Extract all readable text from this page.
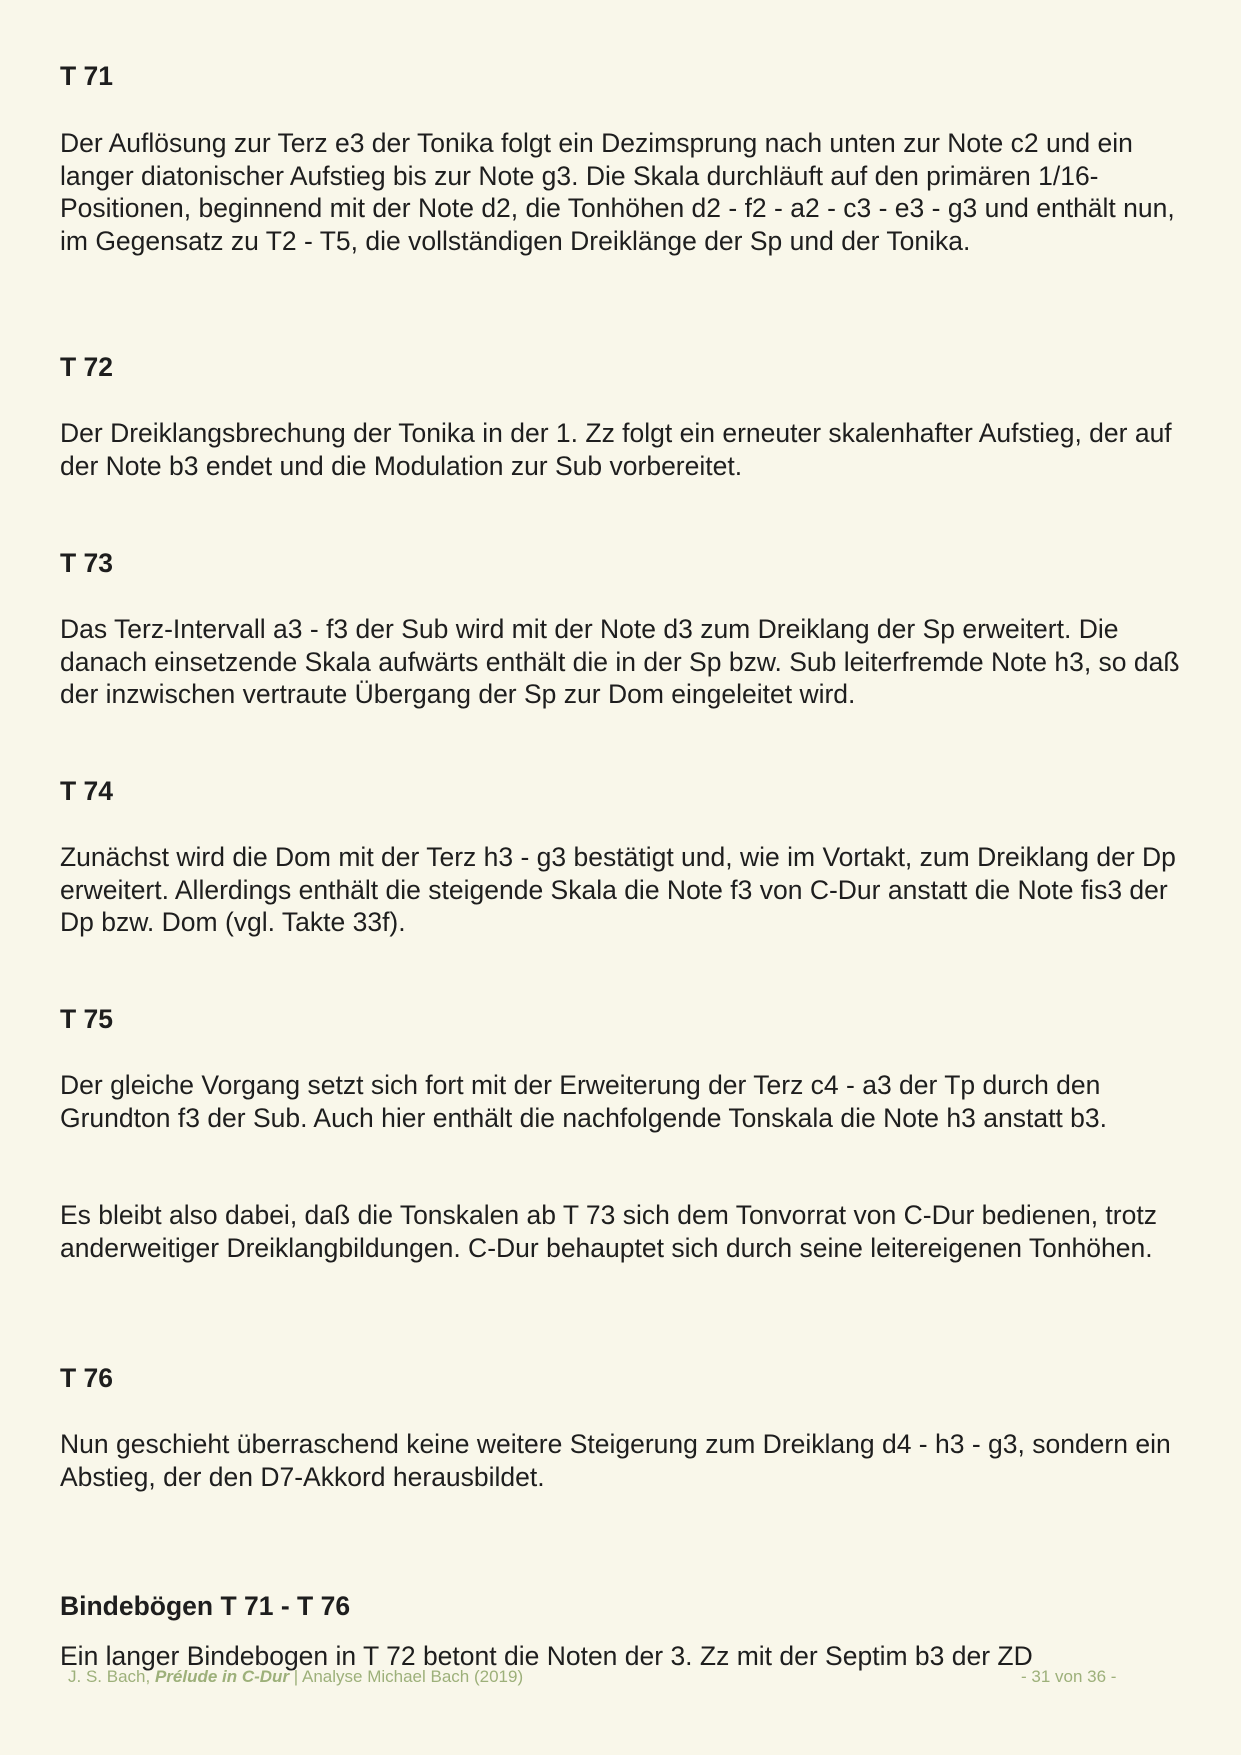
T 71

Der Auflösung zur Terz e3 der Tonika folgt ein Dezimsprung nach unten zur Note c2 und ein langer diatonischer Aufstieg bis zur Note g3. Die Skala durchläuft auf den primären 1/16-Positionen, beginnend mit der Note d2, die Tonhöhen d2 - f2 - a2 - c3 - e3 - g3 und enthält nun, im Gegensatz zu T2 - T5, die vollständigen Dreiklänge der Sp und der Tonika.

T 72

Der Dreiklangsbrechung der Tonika in der 1. Zz folgt ein erneuter skalenhafter Aufstieg, der auf der Note b3 endet und die Modulation zur Sub vorbereitet.

T 73

Das Terz-Intervall a3 - f3 der Sub wird mit der Note d3 zum Dreiklang der Sp erweitert. Die danach einsetzende Skala aufwärts enthält die in der Sp bzw. Sub leiterfremde Note h3, so daß der inzwischen vertraute Übergang der Sp zur Dom eingeleitet wird.

T 74

Zunächst wird die Dom mit der Terz h3 - g3 bestätigt und, wie im Vortakt, zum Dreiklang der Dp erweitert. Allerdings enthält die steigende Skala die Note f3 von C-Dur anstatt die Note fis3 der Dp bzw. Dom (vgl. Takte 33f).

T 75

Der gleiche Vorgang setzt sich fort mit der Erweiterung der Terz c4 - a3 der Tp durch den Grundton f3 der Sub. Auch hier enthält die nachfolgende Tonskala die Note h3 anstatt b3.

Es bleibt also dabei, daß die Tonskalen ab T 73 sich dem Tonvorrat von C-Dur bedienen, trotz anderweitiger Dreiklangbildungen. C-Dur behauptet sich durch seine leitereigenen Tonhöhen.

T 76

Nun geschieht überraschend keine weitere Steigerung zum Dreiklang d4 - h3 - g3, sondern ein Abstieg, der den D7-Akkord herausbildet.

Bindebögen T 71 - T 76

Ein langer Bindebogen in T 72 betont die Noten der 3. Zz mit der Septim b3 der ZD

J. S. Bach, Prélude in C-Dur | Analyse Michael Bach (2019)	- 31 von 36 -
